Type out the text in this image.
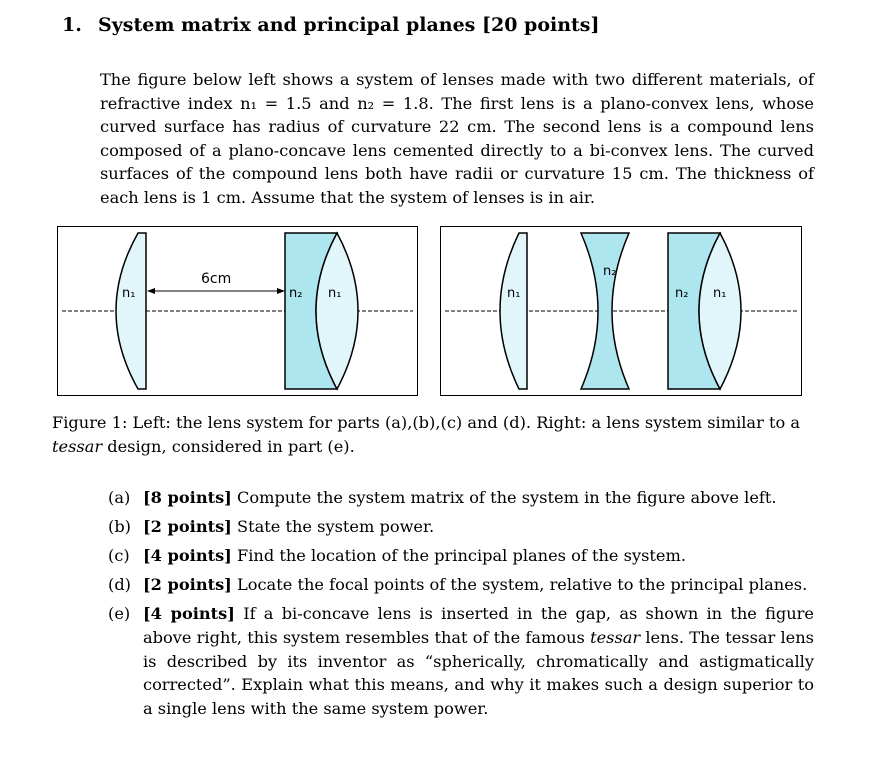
1. System matrix and principal planes [20 points]
The figure below left shows a system of lenses made with two different materials, of refractive index n₁ = 1.5 and n₂ = 1.8. The first lens is a plano-convex lens, whose curved surface has radius of curvature 22 cm. The second lens is a compound lens composed of a plano-concave lens cemented directly to a bi-convex lens. The curved surfaces of the compound lens both have radii or curvature 15 cm. The thickness of each lens is 1 cm. Assume that the system of lenses is in air.
6cm
n₁	n₂ n₁	n₁
n₂
n₂ n₁
Figure 1: Left: the lens system for parts (a),(b),(c) and (d). Right: a lens system similar to a tessar design, considered in part (e).
(a) [8 points] Compute the system matrix of the system in the figure above left.
(b) [2 points] State the system power.
(c) [4 points] Find the location of the principal planes of the system.
(d) [2 points] Locate the focal points of the system, relative to the principal planes.
(e) [4 points] If a bi-concave lens is inserted in the gap, as shown in the figure above right, this system resembles that of the famous tessar lens. The tessar lens is described by its inventor as “spherically, chromatically and astigmatically corrected”. Explain what this means, and why it makes such a design superior to a single lens with the same system power.
